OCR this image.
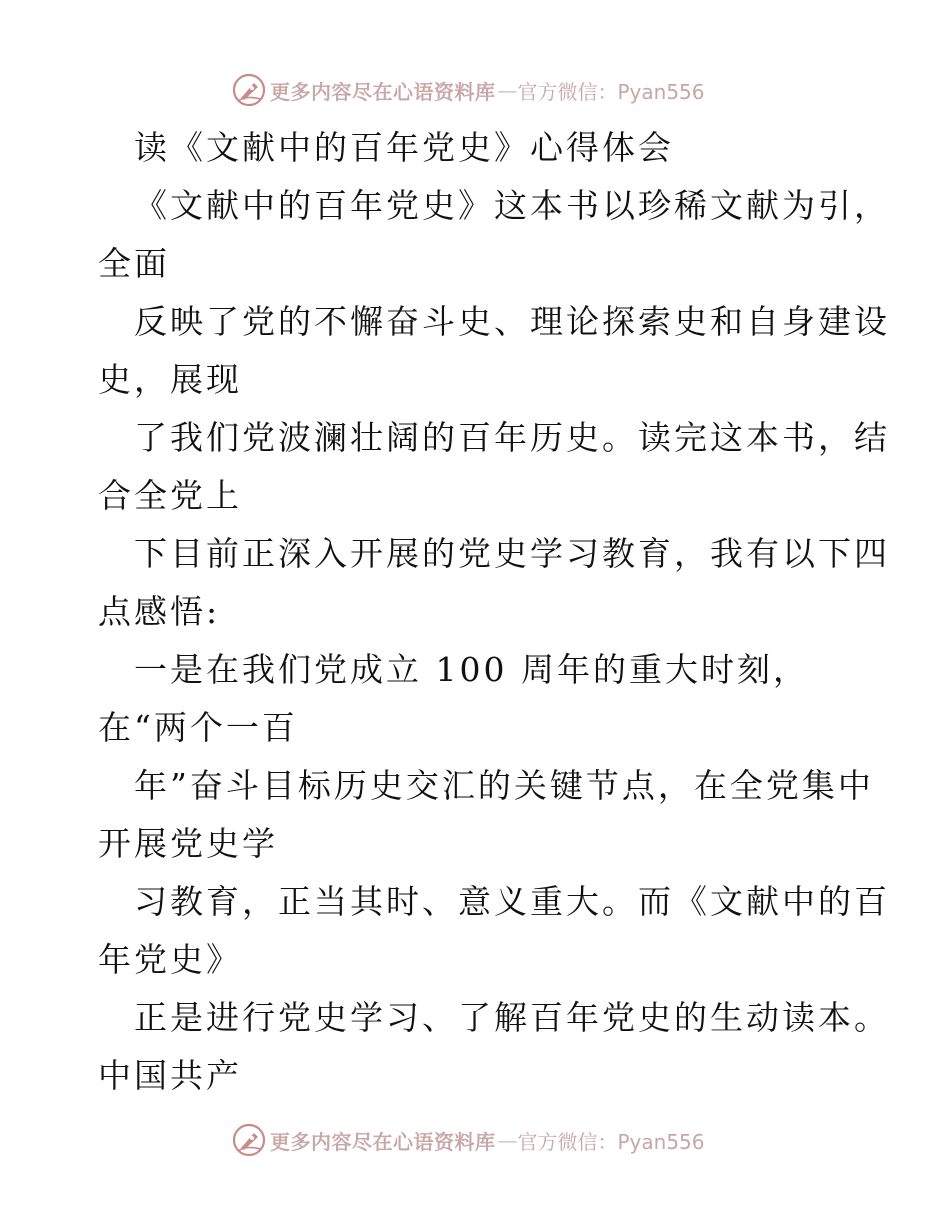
更多内容尽在心语资料库 — 官方微信：Pyan556
读《文献中的百年党史》心得体会
《文献中的百年党史》这本书以珍稀文献为引，
全面
反映了党的不懈奋斗史、理论探索史和自身建设
史，展现
了我们党波澜壮阔的百年历史。读完这本书，结
合全党上
下目前正深入开展的党史学习教育，我有以下四
点感悟:
一是在我们党成立 100 周年的重大时刻，
在“两个一百
年”奋斗目标历史交汇的关键节点，在全党集中
开展党史学
习教育，正当其时、意义重大。而《文献中的百
年党史》
正是进行党史学习、了解百年党史的生动读本。
中国共产
更多内容尽在心语资料库 — 官方微信：Pyan556
